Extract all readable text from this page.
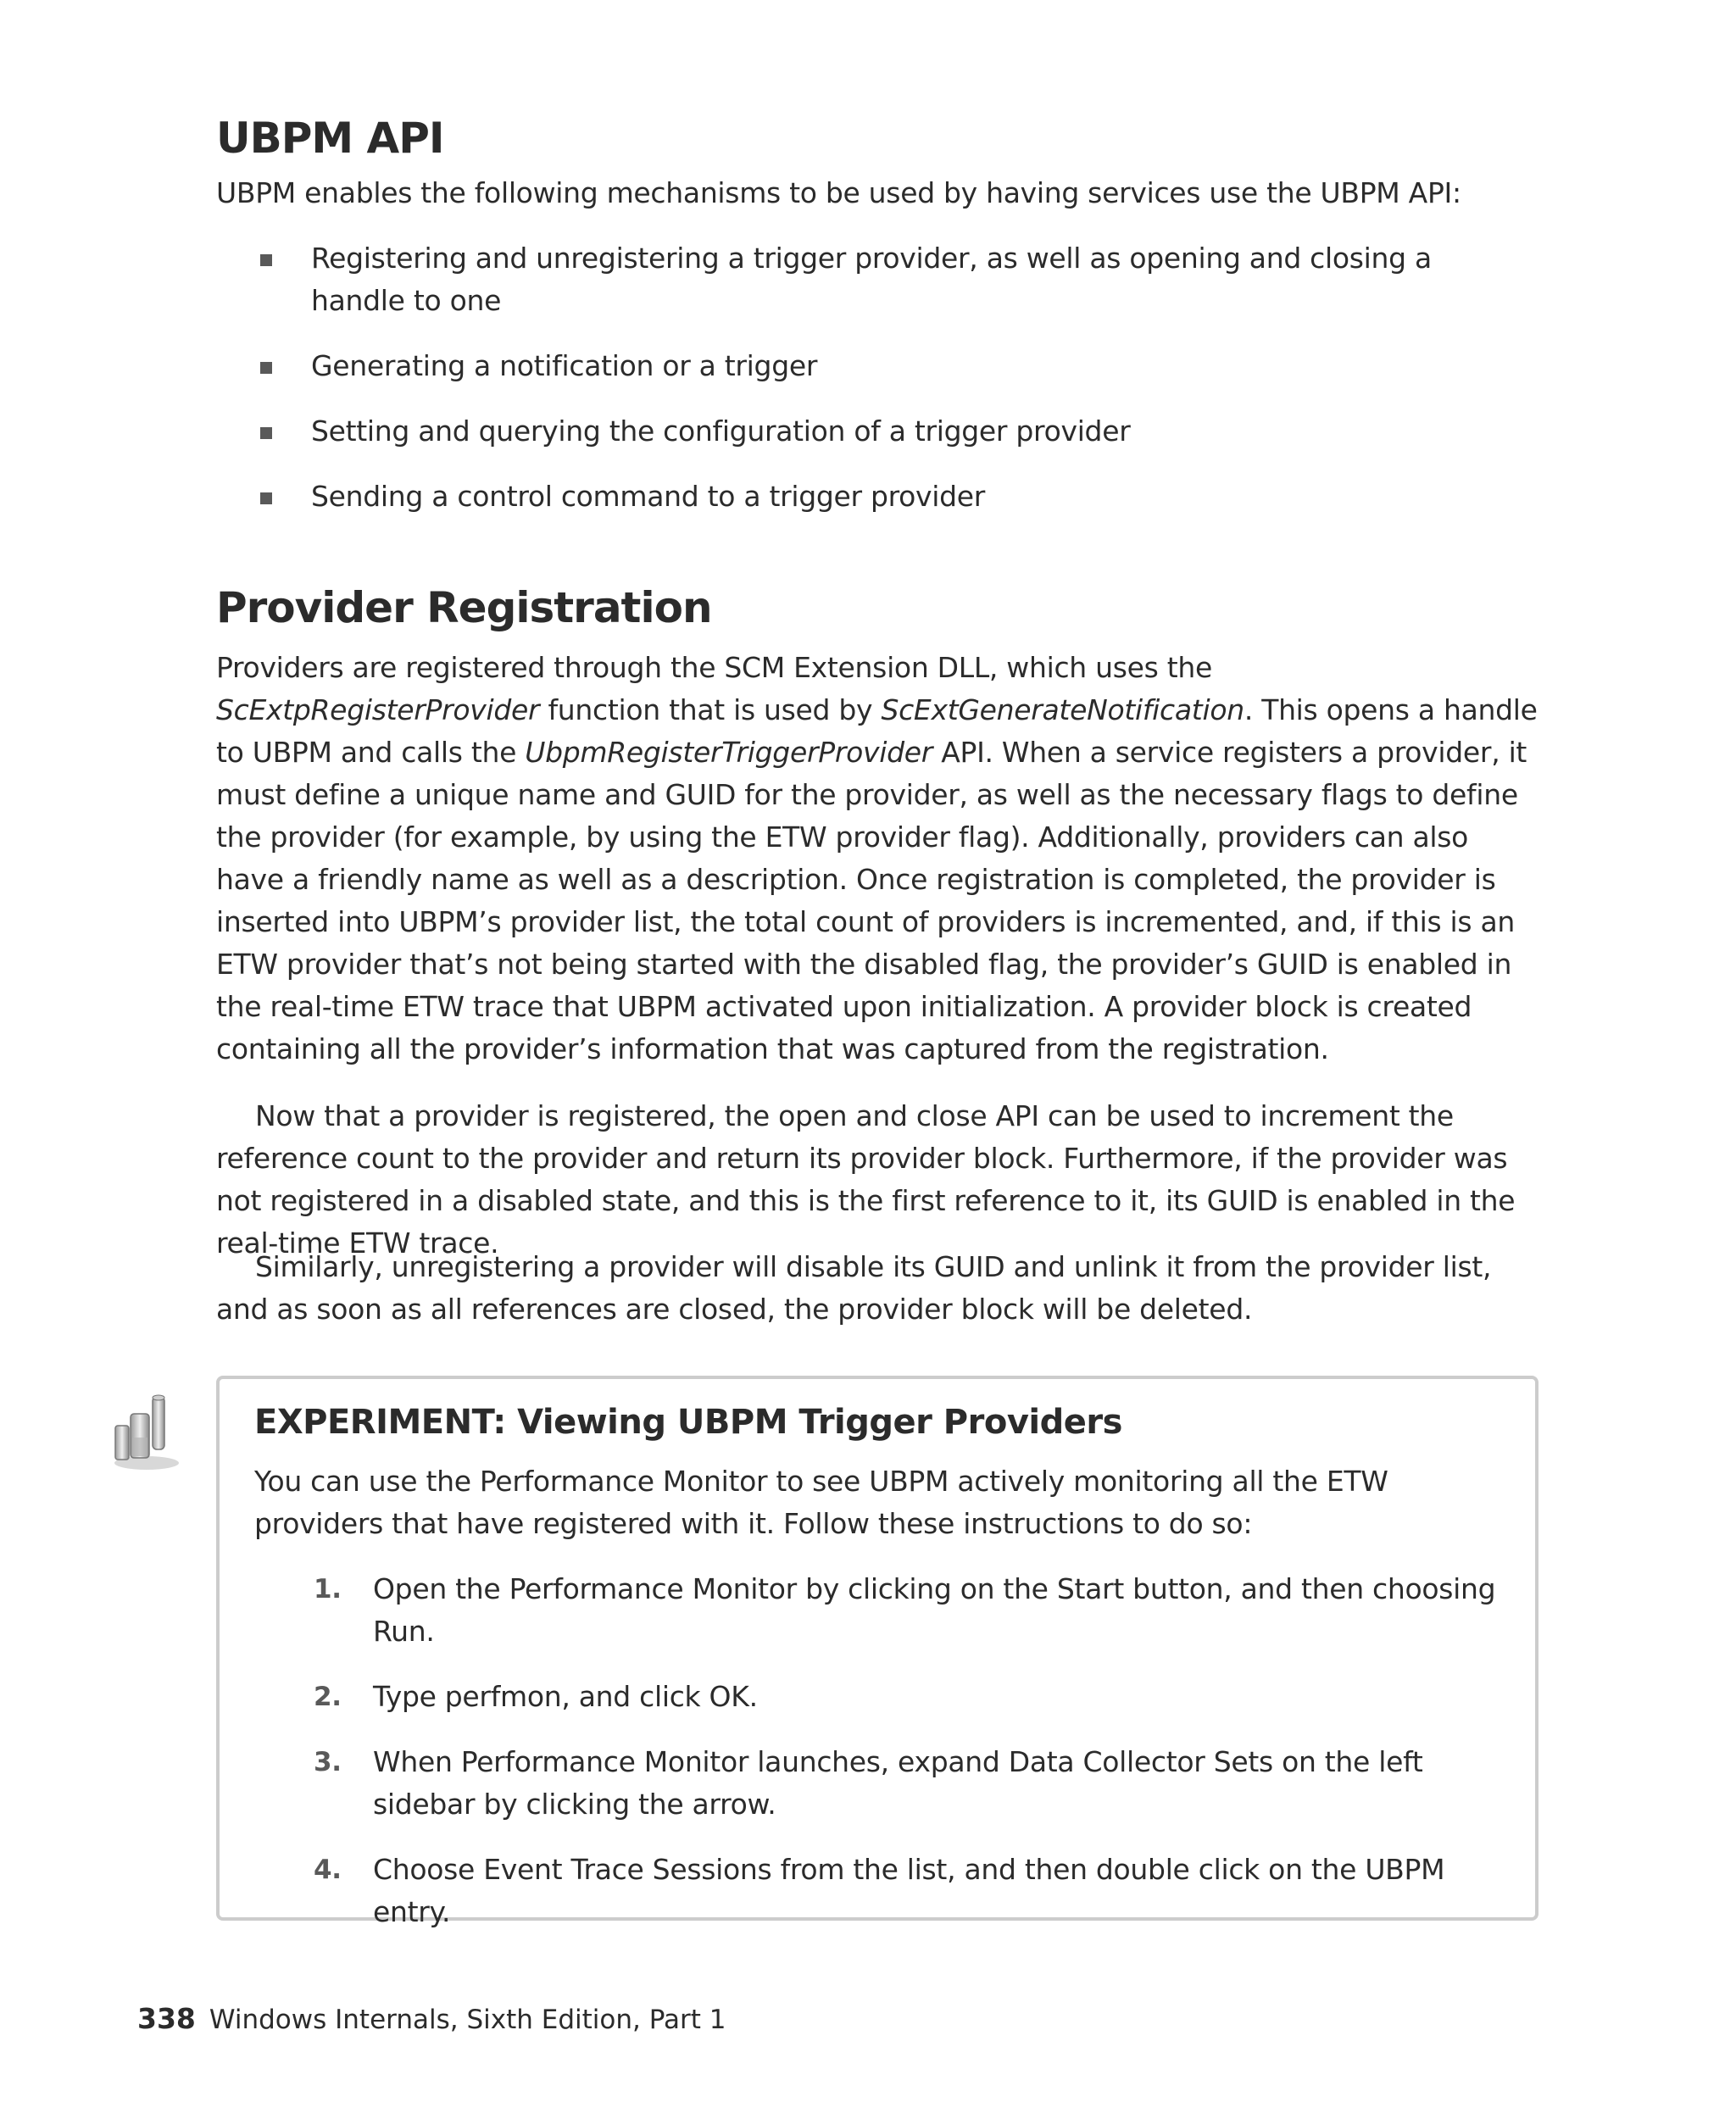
UBPM API

UBPM enables the following mechanisms to be used by having services use the UBPM API:

Registering and unregistering a trigger provider, as well as opening and closing a handle to one
Generating a notification or a trigger
Setting and querying the configuration of a trigger provider
Sending a control command to a trigger provider
Provider Registration

Providers are registered through the SCM Extension DLL, which uses the ScExtpRegisterProvider function that is used by ScExtGenerateNotification. This opens a handle to UBPM and calls the UbpmRegisterTriggerProvider API. When a service registers a provider, it must define a unique name and GUID for the provider, as well as the necessary flags to define the provider (for example, by using the ETW provider flag). Additionally, providers can also have a friendly name as well as a description. Once registration is completed, the provider is inserted into UBPM’s provider list, the total count of providers is incremented, and, if this is an ETW provider that’s not being started with the disabled flag, the provider’s GUID is enabled in the real-time ETW trace that UBPM activated upon initialization. A provider block is created containing all the provider’s information that was captured from the registration.

Now that a provider is registered, the open and close API can be used to increment the reference count to the provider and return its provider block. Furthermore, if the provider was not registered in a disabled state, and this is the first reference to it, its GUID is enabled in the real-time ETW trace.

Similarly, unregistering a provider will disable its GUID and unlink it from the provider list, and as soon as all references are closed, the provider block will be deleted.

EXPERIMENT: Viewing UBPM Trigger Providers

You can use the Performance Monitor to see UBPM actively monitoring all the ETW providers that have registered with it. Follow these instructions to do so:

1. Open the Performance Monitor by clicking on the Start button, and then choosing Run.
2. Type perfmon, and click OK.
3. When Performance Monitor launches, expand Data Collector Sets on the left sidebar by clicking the arrow.
4. Choose Event Trace Sessions from the list, and then double click on the UBPM entry.
338 Windows Internals, Sixth Edition, Part 1
